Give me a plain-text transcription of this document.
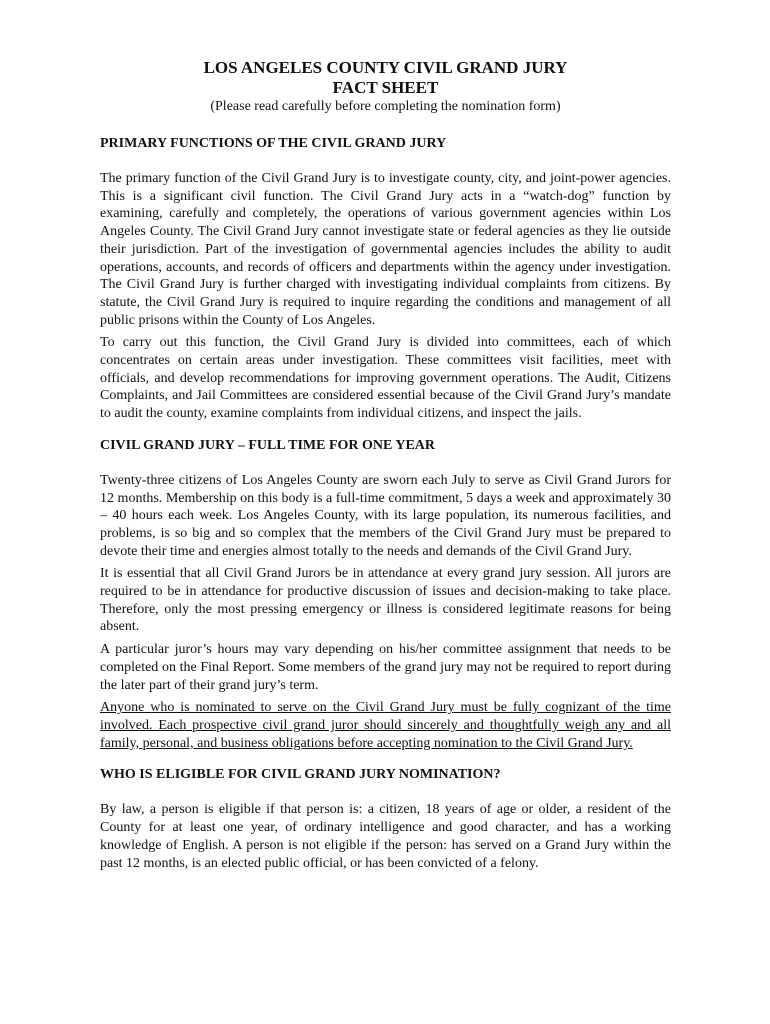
LOS ANGELES COUNTY CIVIL GRAND JURY
FACT SHEET

(Please read carefully before completing the nomination form)

PRIMARY FUNCTIONS OF THE CIVIL GRAND JURY

The primary function of the Civil Grand Jury is to investigate county, city, and joint-power agencies. This is a significant civil function. The Civil Grand Jury acts in a “watch-dog” function by examining, carefully and completely, the operations of various government agencies within Los Angeles County. The Civil Grand Jury cannot investigate state or federal agencies as they lie outside their jurisdiction. Part of the investigation of governmental agencies includes the ability to audit operations, accounts, and records of officers and departments within the agency under investigation. The Civil Grand Jury is further charged with investigating individual complaints from citizens. By statute, the Civil Grand Jury is required to inquire regarding the conditions and management of all public prisons within the County of Los Angeles.

To carry out this function, the Civil Grand Jury is divided into committees, each of which concentrates on certain areas under investigation. These committees visit facilities, meet with officials, and develop recommendations for improving government operations. The Audit, Citizens Complaints, and Jail Committees are considered essential because of the Civil Grand Jury’s mandate to audit the county, examine complaints from individual citizens, and inspect the jails.

CIVIL GRAND JURY – FULL TIME FOR ONE YEAR

Twenty-three citizens of Los Angeles County are sworn each July to serve as Civil Grand Jurors for 12 months. Membership on this body is a full-time commitment, 5 days a week and approximately 30 – 40 hours each week. Los Angeles County, with its large population, its numerous facilities, and problems, is so big and so complex that the members of the Civil Grand Jury must be prepared to devote their time and energies almost totally to the needs and demands of the Civil Grand Jury.

It is essential that all Civil Grand Jurors be in attendance at every grand jury session. All jurors are required to be in attendance for productive discussion of issues and decision-making to take place. Therefore, only the most pressing emergency or illness is considered legitimate reasons for being absent.

A particular juror’s hours may vary depending on his/her committee assignment that needs to be completed on the Final Report. Some members of the grand jury may not be required to report during the later part of their grand jury’s term.

Anyone who is nominated to serve on the Civil Grand Jury must be fully cognizant of the time involved. Each prospective civil grand juror should sincerely and thoughtfully weigh any and all family, personal, and business obligations before accepting nomination to the Civil Grand Jury.

WHO IS ELIGIBLE FOR CIVIL GRAND JURY NOMINATION?

By law, a person is eligible if that person is: a citizen, 18 years of age or older, a resident of the County for at least one year, of ordinary intelligence and good character, and has a working knowledge of English. A person is not eligible if the person: has served on a Grand Jury within the past 12 months, is an elected public official, or has been convicted of a felony.
